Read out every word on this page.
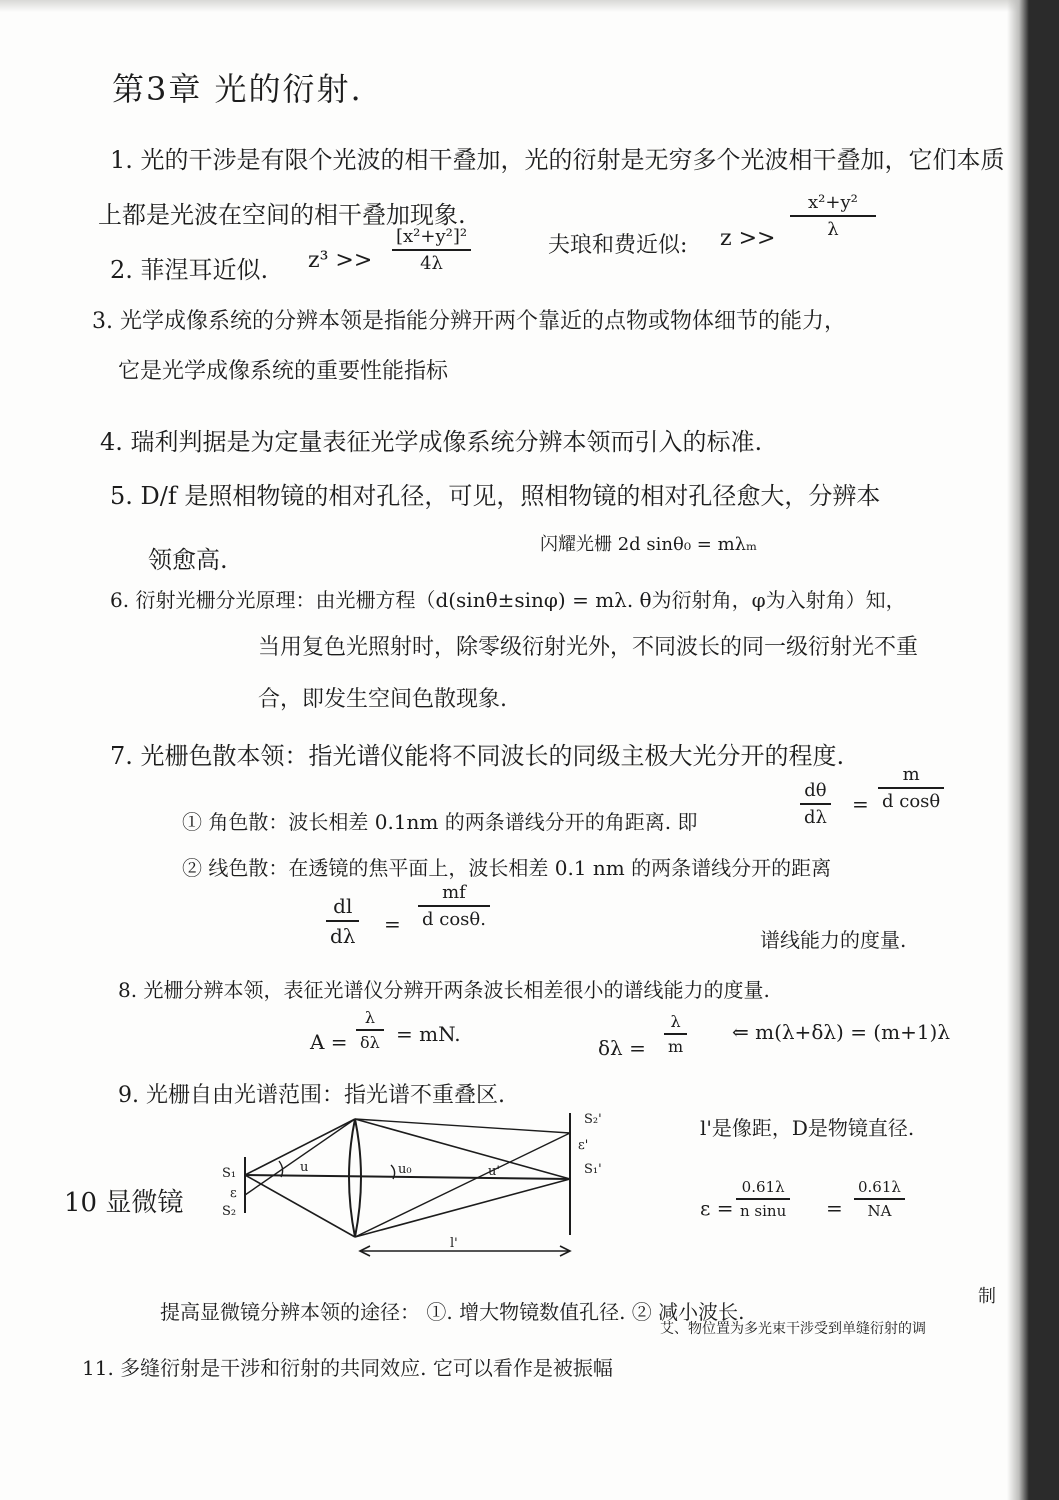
第3章 光的衍射.
1. 光的干涉是有限个光波的相干叠加，光的衍射是无穷多个光波相干叠加，它们本质
上都是光波在空间的相干叠加现象.
2. 菲涅耳近似. $z^3 >> \frac{\text{[x²+y²]²}}{4\lambda}$	夫琅和费近似: $z >> \frac{\text{x²+y²}}{\lambda}$
3. 光学成像系统的分辨本领是指能分辨开两个靠近的点物或物体细节的能力，
它是光学成像系统的重要性能指标
4. 瑞利判据是为定量表征光学成像系统分辨本领而引入的标准.
5. D/f 是照相物镜的相对孔径，可见，照相物镜的相对孔径愈大，分辨本
领愈高.
闪耀光栅 2d sinθ₀ = mλₘ
6. 衍射光栅分光原理：由光栅方程（d(sinθ±sinφ) = mλ. θ为衍射角，φ为入射角）知，
当用复色光照射时，除零级衍射光外，不同波长的同一级衍射光不重
合，即发生空间色散现象.
7. 光栅色散本领：指光谱仪能将不同波长的同级主极大光分开的程度.
① 角色散：波长相差 0.1nm 的两条谱线分开的角距离. 即	$\frac{d\theta}{d\lambda} = \frac{m}{\text{d cosθ}}$
② 线色散：在透镜的焦平面上，波长相差 0.1 nm 的两条谱线分开的距离
$\frac{dl}{d\lambda} = \frac{mf}{\text{d cosθ.}}$
谱线能力的度量.
8. 光栅分辨本领，表征光谱仪分辨开两条波长相差很小的谱线能力的度量.
$A = \frac{\lambda}{\delta\lambda}$ = mN.
$\delta\lambda = \frac{\lambda}{m}$ ⇐ m(λ+δλ) = (m+1)λ
9. 光栅自由光谱范围：指光谱不重叠区.
10 显微镜
S₁
ε
S₂
u	u₀	u'
S₂'
ε'
S₁'
l'
l'是像距，D是物镜直径.
$\varepsilon = \frac{0.61\lambda}{\text{n sinu}} = \frac{0.61\lambda}{NA}$
提高显微镜分辨本领的途径： ①. 增大物镜数值孔径. ② 减小波长.
制
艾、物位置为多光束干涉受到单缝衍射的调
11. 多缝衍射是干涉和衍射的共同效应. 它可以看作是被振幅
